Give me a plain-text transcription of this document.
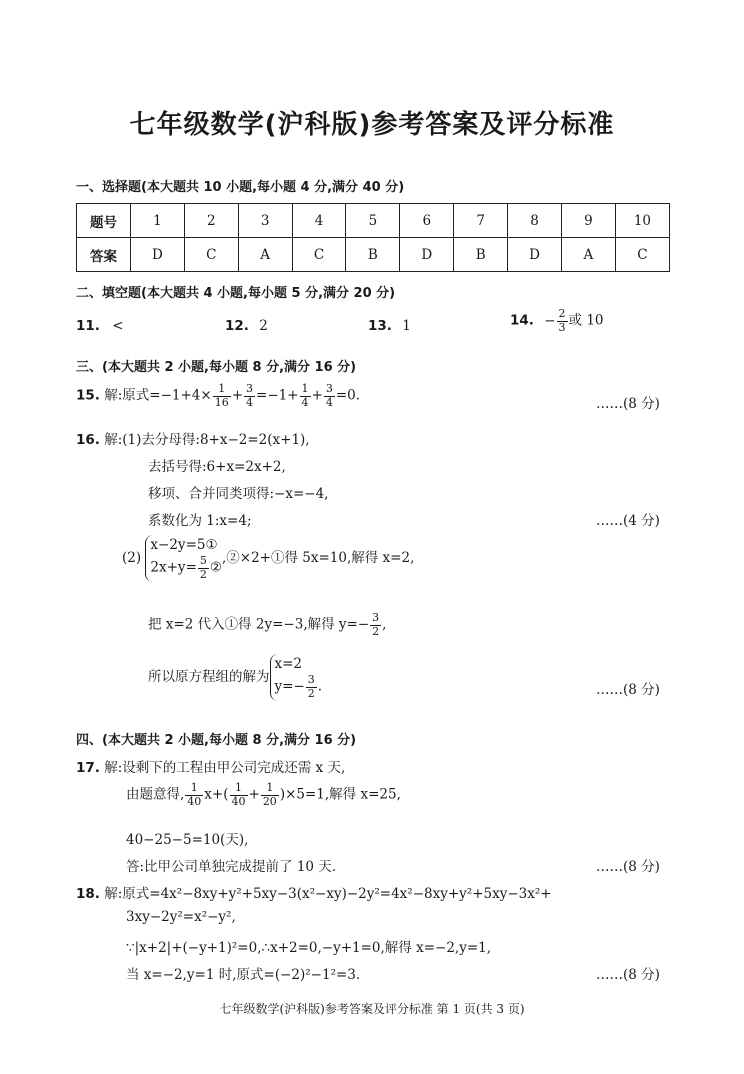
七年级数学(沪科版)参考答案及评分标准
一、选择题(本大题共 10 小题,每小题 4 分,满分 40 分)
题号	1	2	3	4	5	6	7	8	9	10
答案	D	C	A	C	B	D	B	D	A	C
二、填空题(本大题共 4 小题,每小题 5 分,满分 20 分)
11. <	12. 2	13. 1	14. − $\frac{2}{3}$ 或 10
三、(本大题共 2 小题,每小题 8 分,满分 16 分)
15. 解:原式$=-1+4\times \frac{1}{16} + \frac{3}{4} =-1+ \frac{1}{4} + \frac{3}{4} =0$.
……(8 分)
16. 解:(1)去分母得:8+x−2=2(x+1),
去括号得:6+x=2x+2,
移项、合并同类项得:−x=−4,
系数化为 1:x=4;	……(4 分)
(2)
x−2y=5①
$2x+y= \frac{5}{2}$ ②
,②×2+①得 5x=10,解得 x=2,
把 x=2 代入①得 2y=−3,解得 $y=- \frac{3}{2}$ ,
所以原方程组的解为
x=2
$y=- \frac{3}{2}$ .	……(8 分)
四、(本大题共 2 小题,每小题 8 分,满分 16 分)
17. 解:设剩下的工程由甲公司完成还需 x 天,
由题意得, $\frac{1}{40} x+( \frac{1}{40} + \frac{1}{20} )\times 5=1$,解得 x=25,
40−25−5=10(天),
答:比甲公司单独完成提前了 10 天.	……(8 分)
18. 解:原式=4x²−8xy+y²+5xy−3(x²−xy)−2y²=4x²−8xy+y²+5xy−3x²+
3xy−2y²=x²−y²,
∵|x+2|+(−y+1)²=0,∴x+2=0,−y+1=0,解得 x=−2,y=1,
当 x=−2,y=1 时,原式=(−2)²−1²=3.	……(8 分)
七年级数学(沪科版)参考答案及评分标准 第 1 页(共 3 页)
